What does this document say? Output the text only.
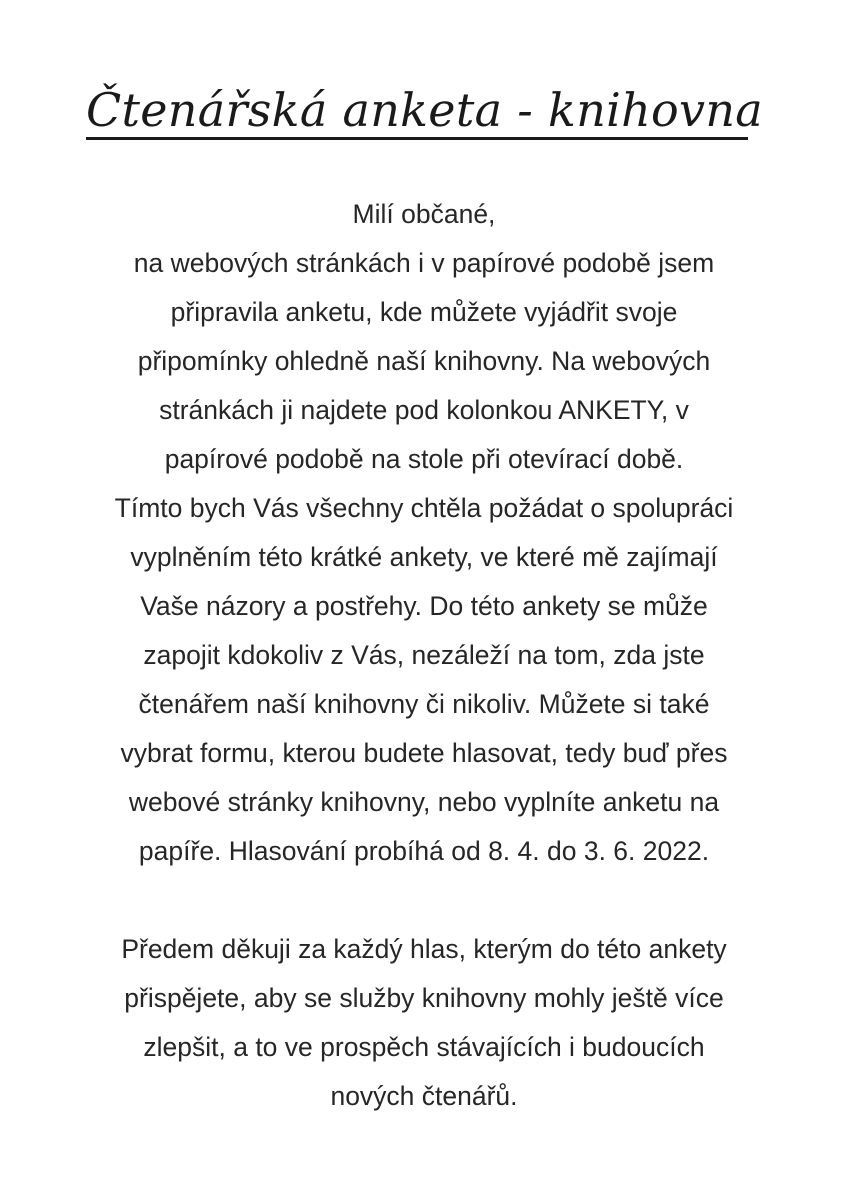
Čtenářská anketa - knihovna
Milí občané,
na webových stránkách i v papírové podobě jsem
připravila anketu, kde můžete vyjádřit svoje
připomínky ohledně naší knihovny. Na webových
stránkách ji najdete pod kolonkou ANKETY, v
papírové podobě na stole při otevírací době.
Tímto bych Vás všechny chtěla požádat o spolupráci
vyplněním této krátké ankety, ve které mě zajímají
Vaše názory a postřehy. Do této ankety se může
zapojit kdokoliv z Vás, nezáleží na tom, zda jste
čtenářem naší knihovny či nikoliv. Můžete si také
vybrat formu, kterou budete hlasovat, tedy buď přes
webové stránky knihovny, nebo vyplníte anketu na
papíře. Hlasování probíhá od 8. 4. do 3. 6. 2022.
Předem děkuji za každý hlas, kterým do této ankety
přispějete, aby se služby knihovny mohly ještě více
zlepšit, a to ve prospěch stávajících i budoucích
nových čtenářů.
